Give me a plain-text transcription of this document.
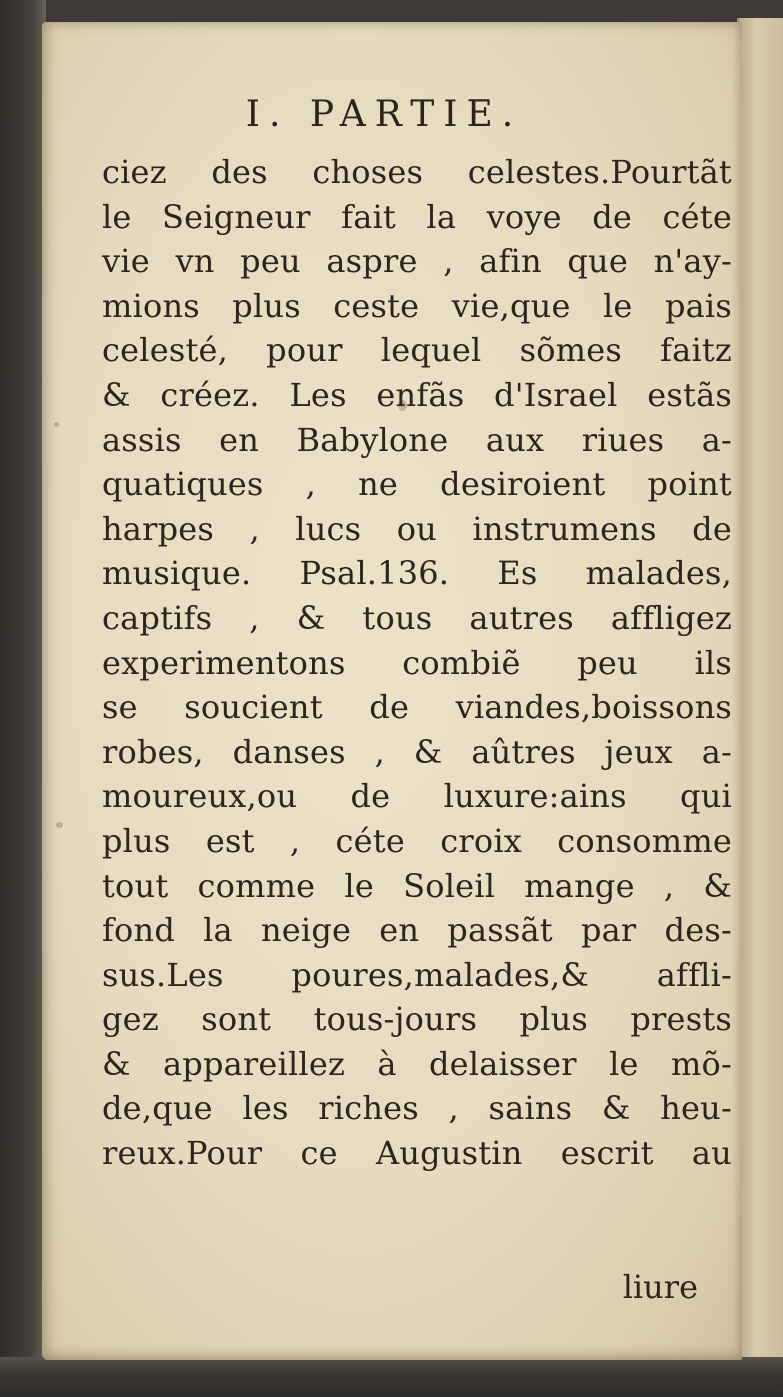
I. PARTIE.
ciez des choses celestes.Pourtãt
le Seigneur fait la voye de céte
vie vn peu aspre , afin que n'ay-
mions plus ceste vie,que le pais
celesté, pour lequel sõmes faitz
& créez. Les enfãs d'Israel estãs
assis en Babylone aux riues a-
quatiques , ne desiroient point
harpes , lucs ou instrumens de
musique. Psal.136. Es malades,
captifs , & tous autres affligez
experimentons combiẽ peu ils
se soucient de viandes,boissons
robes, danses , & aûtres jeux a-
moureux,ou de luxure:ains qui
plus est , céte croix consomme
tout comme le Soleil mange , &
fond la neige en passãt par des-
sus.Les poures,malades,& affli-
gez sont tous-jours plus prests
& appareillez à delaisser le mõ-
de,que les riches , sains & heu-
reux.Pour ce Augustin escrit au
liure
